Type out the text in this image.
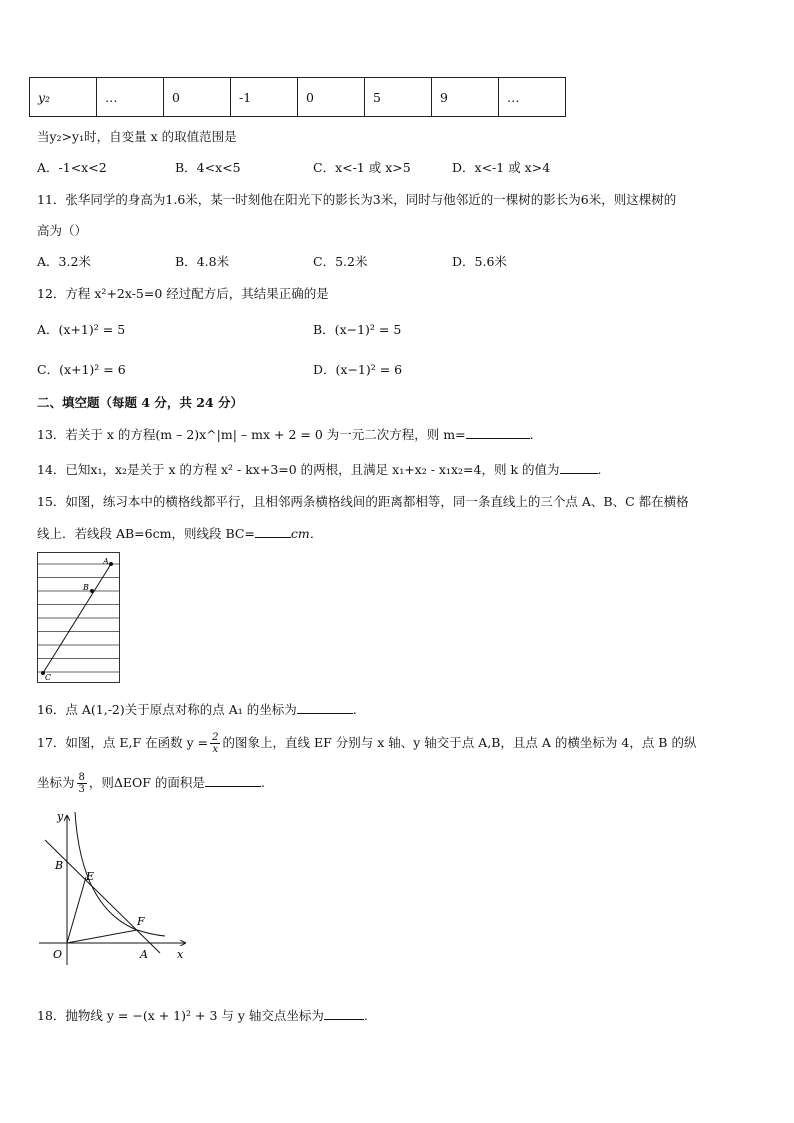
y₂	…	0	-1	0	5	9	…
当y₂>y₁时，自变量 x 的取值范围是
A．-1<x<2	B．4<x<5	C．x<-1 或 x>5	D．x<-1 或 x>4
11．张华同学的身高为1.6米，某一时刻他在阳光下的影长为3米，同时与他邻近的一棵树的影长为6米，则这棵树的
高为（）
A．3.2米	B．4.8米	C．5.2米	D．5.6米
12．方程 x²+2x-5=0 经过配方后，其结果正确的是
A．(x+1)² = 5	B．(x−1)² = 5
C．(x+1)² = 6	D．(x−1)² = 6
二、填空题（每题 4 分，共 24 分）
13．若关于 x 的方程(m – 2)x^|m| – mx + 2 = 0 为一元二次方程，则 m=	.
14．已知x₁，x₂是关于 x 的方程 x² - kx+3=0 的两根，且满足 x₁+x₂ - x₁x₂=4，则 k 的值为	.
15．如图，练习本中的横格线都平行，且相邻两条横格线间的距离都相等，同一条直线上的三个点 A、B、C 都在横格
线上．若线段 AB=6cm，则线段 BC=	cm．
A
B
C
16．点 A(1,-2)关于原点对称的点 A₁ 的坐标为	.
17．如图，点 E,F 在函数 $y = \frac{2}{x}$ 的图象上，直线 EF 分别与 x 轴、y 轴交于点 A,B，且点 A 的横坐标为 4，点 B 的纵
坐标为 $\frac{8}{3}$ ，则ΔEOF 的面积是	.
y
B
E
F
O	A	x
18．抛物线 y = −(x + 1)² + 3 与 y 轴交点坐标为	.
